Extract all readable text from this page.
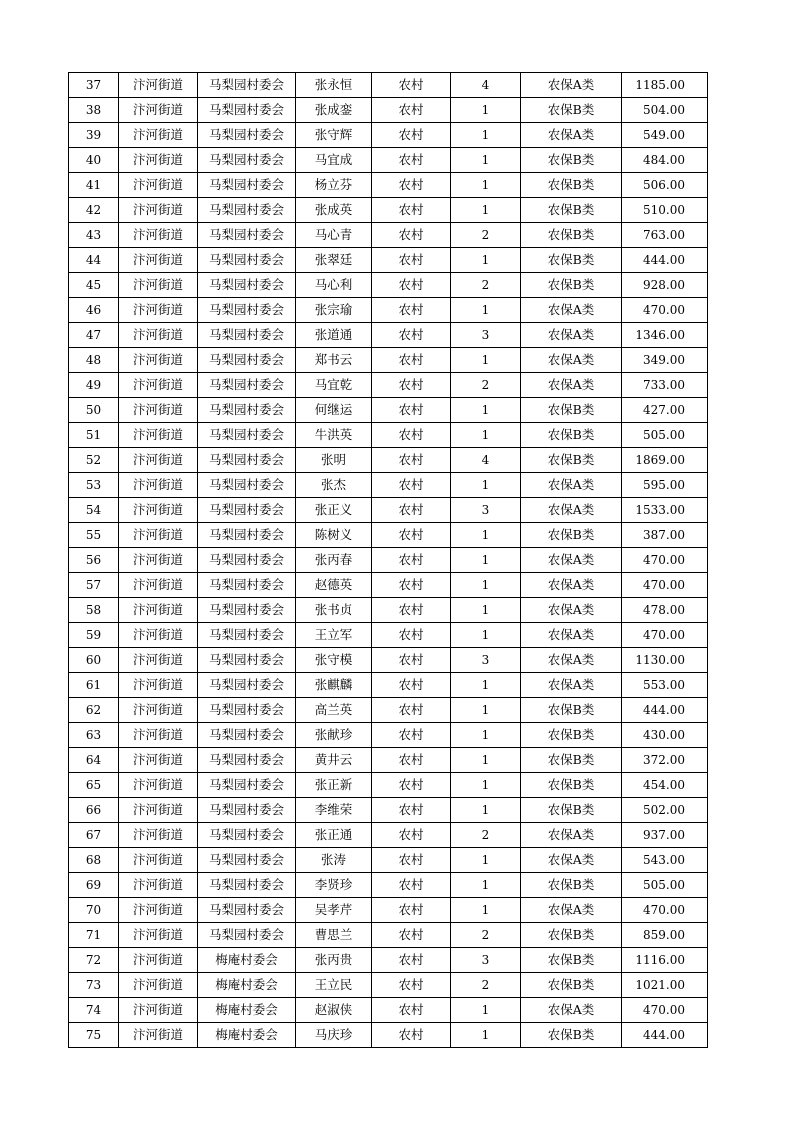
37	汴河街道	马梨园村委会	张永恒	农村	4	农保A类	1185.00
38	汴河街道	马梨园村委会	张成銮	农村	1	农保B类	504.00
39	汴河街道	马梨园村委会	张守辉	农村	1	农保A类	549.00
40	汴河街道	马梨园村委会	马宜成	农村	1	农保B类	484.00
41	汴河街道	马梨园村委会	杨立芬	农村	1	农保B类	506.00
42	汴河街道	马梨园村委会	张成英	农村	1	农保B类	510.00
43	汴河街道	马梨园村委会	马心青	农村	2	农保B类	763.00
44	汴河街道	马梨园村委会	张翠廷	农村	1	农保B类	444.00
45	汴河街道	马梨园村委会	马心利	农村	2	农保B类	928.00
46	汴河街道	马梨园村委会	张宗瑜	农村	1	农保A类	470.00
47	汴河街道	马梨园村委会	张道通	农村	3	农保A类	1346.00
48	汴河街道	马梨园村委会	郑书云	农村	1	农保A类	349.00
49	汴河街道	马梨园村委会	马宜乾	农村	2	农保A类	733.00
50	汴河街道	马梨园村委会	何继运	农村	1	农保B类	427.00
51	汴河街道	马梨园村委会	牛洪英	农村	1	农保B类	505.00
52	汴河街道	马梨园村委会	张明	农村	4	农保B类	1869.00
53	汴河街道	马梨园村委会	张杰	农村	1	农保A类	595.00
54	汴河街道	马梨园村委会	张正义	农村	3	农保A类	1533.00
55	汴河街道	马梨园村委会	陈树义	农村	1	农保B类	387.00
56	汴河街道	马梨园村委会	张丙春	农村	1	农保A类	470.00
57	汴河街道	马梨园村委会	赵德英	农村	1	农保A类	470.00
58	汴河街道	马梨园村委会	张书贞	农村	1	农保A类	478.00
59	汴河街道	马梨园村委会	王立军	农村	1	农保A类	470.00
60	汴河街道	马梨园村委会	张守模	农村	3	农保A类	1130.00
61	汴河街道	马梨园村委会	张麒麟	农村	1	农保A类	553.00
62	汴河街道	马梨园村委会	高兰英	农村	1	农保B类	444.00
63	汴河街道	马梨园村委会	张献珍	农村	1	农保B类	430.00
64	汴河街道	马梨园村委会	黄井云	农村	1	农保B类	372.00
65	汴河街道	马梨园村委会	张正新	农村	1	农保B类	454.00
66	汴河街道	马梨园村委会	李维荣	农村	1	农保B类	502.00
67	汴河街道	马梨园村委会	张正通	农村	2	农保A类	937.00
68	汴河街道	马梨园村委会	张涛	农村	1	农保A类	543.00
69	汴河街道	马梨园村委会	李贤珍	农村	1	农保B类	505.00
70	汴河街道	马梨园村委会	吴孝芹	农村	1	农保A类	470.00
71	汴河街道	马梨园村委会	曹思兰	农村	2	农保B类	859.00
72	汴河街道	梅庵村委会	张丙贵	农村	3	农保B类	1116.00
73	汴河街道	梅庵村委会	王立民	农村	2	农保B类	1021.00
74	汴河街道	梅庵村委会	赵淑侠	农村	1	农保A类	470.00
75	汴河街道	梅庵村委会	马庆珍	农村	1	农保B类	444.00
